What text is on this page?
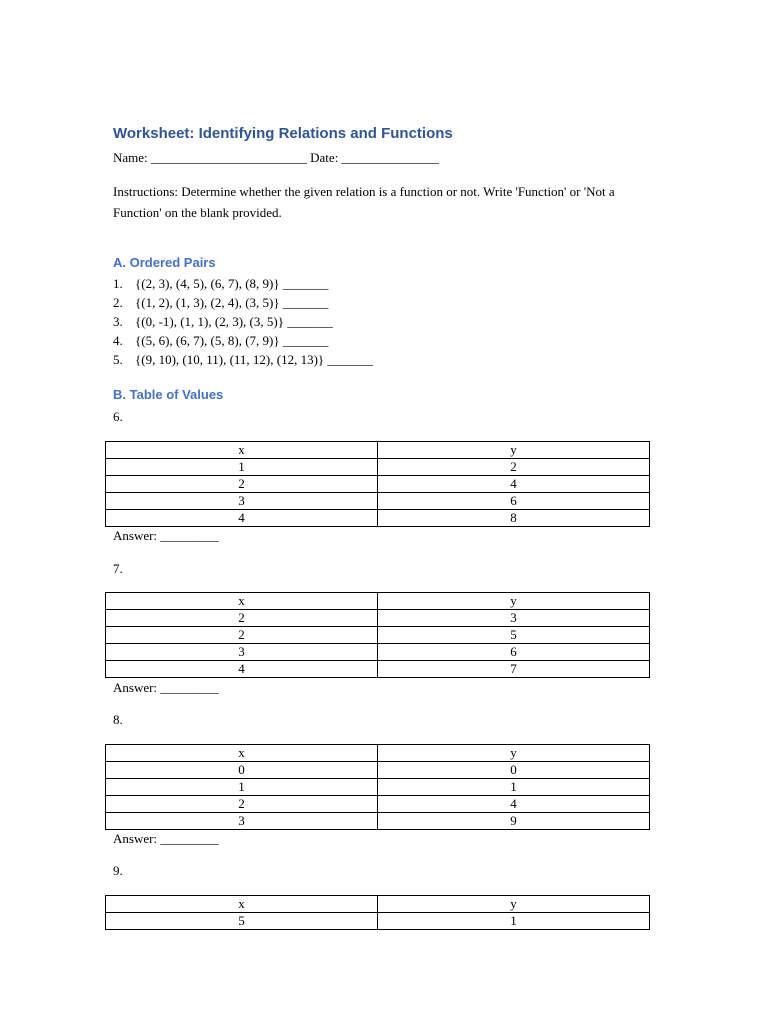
Worksheet: Identifying Relations and Functions
Name: ________________________ Date: _______________
Instructions: Determine whether the given relation is a function or not. Write 'Function' or 'Not a Function' on the blank provided.
A. Ordered Pairs
1. {(2, 3), (4, 5), (6, 7), (8, 9)} _______
2. {(1, 2), (1, 3), (2, 4), (3, 5)} _______
3. {(0, -1), (1, 1), (2, 3), (3, 5)} _______
4. {(5, 6), (6, 7), (5, 8), (7, 9)} _______
5. {(9, 10), (10, 11), (11, 12), (12, 13)} _______
B. Table of Values
6.
x	y
1	2
2	4
3	6
4	8
Answer: _________
7.
x	y
2	3
2	5
3	6
4	7
Answer: _________
8.
x	y
0	0
1	1
2	4
3	9
Answer: _________
9.
x	y
5	1
